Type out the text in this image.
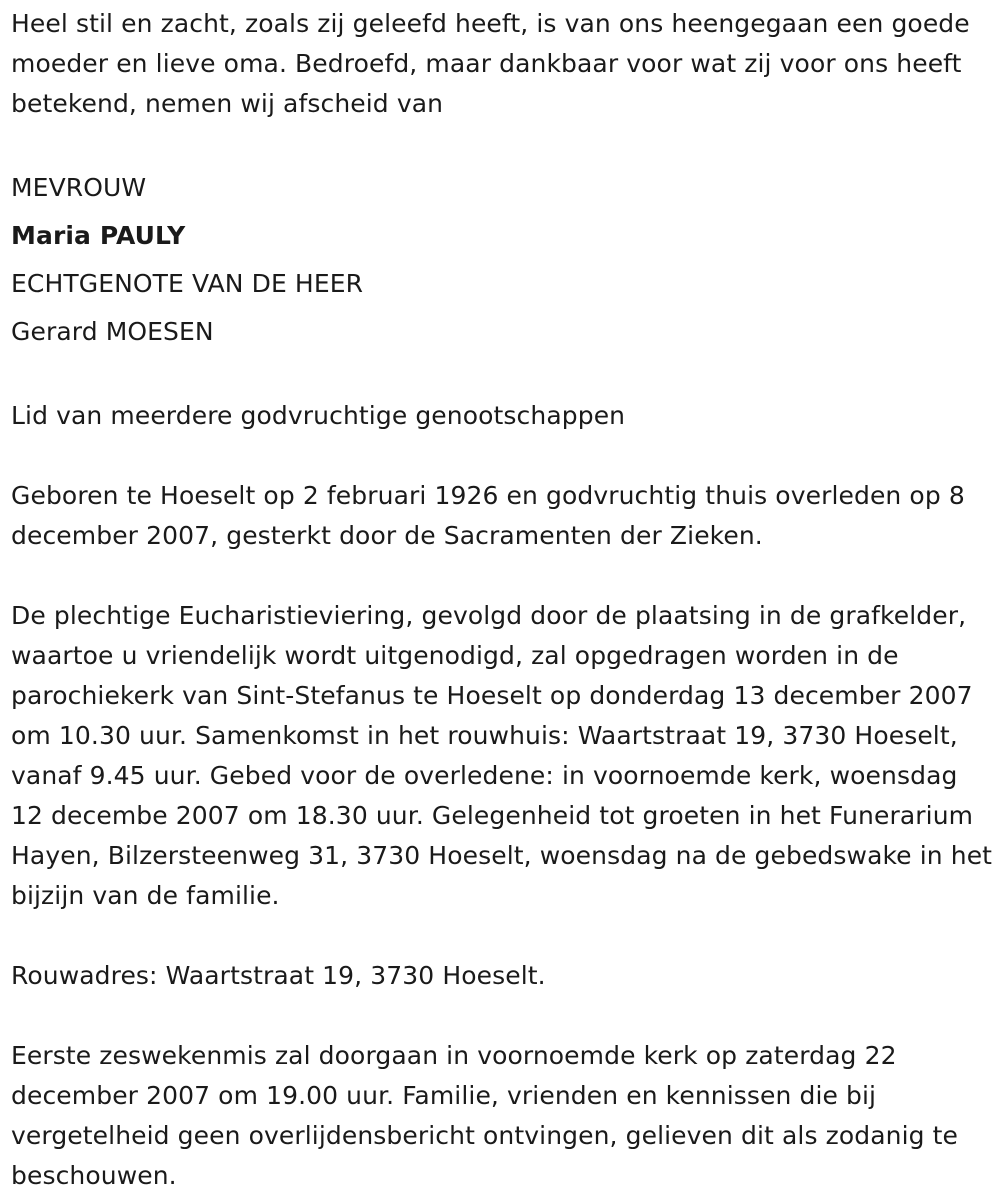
Heel stil en zacht, zoals zij geleefd heeft, is van ons heengegaan een goede moeder en lieve oma. Bedroefd, maar dankbaar voor wat zij voor ons heeft betekend, nemen wij afscheid van

MEVROUW

Maria PAULY

ECHTGENOTE VAN DE HEER

Gerard MOESEN

Lid van meerdere godvruchtige genootschappen

Geboren te Hoeselt op 2 februari 1926 en godvruchtig thuis overleden op 8 december 2007, gesterkt door de Sacramenten der Zieken.

De plechtige Eucharistieviering, gevolgd door de plaatsing in de grafkelder, waartoe u vriendelijk wordt uitgenodigd, zal opgedragen worden in de parochiekerk van Sint-Stefanus te Hoeselt op donderdag 13 december 2007 om 10.30 uur. Samenkomst in het rouwhuis: Waartstraat 19, 3730 Hoeselt, vanaf 9.45 uur. Gebed voor de overledene: in voornoemde kerk, woensdag 12 decembe 2007 om 18.30 uur. Gelegenheid tot groeten in het Funerarium Hayen, Bilzersteenweg 31, 3730 Hoeselt, woensdag na de gebedswake in het bijzijn van de familie.

Rouwadres: Waartstraat 19, 3730 Hoeselt.

Eerste zeswekenmis zal doorgaan in voornoemde kerk op zaterdag 22 december 2007 om 19.00 uur. Familie, vrienden en kennissen die bij vergetelheid geen overlijdensbericht ontvingen, gelieven dit als zodanig te beschouwen.
